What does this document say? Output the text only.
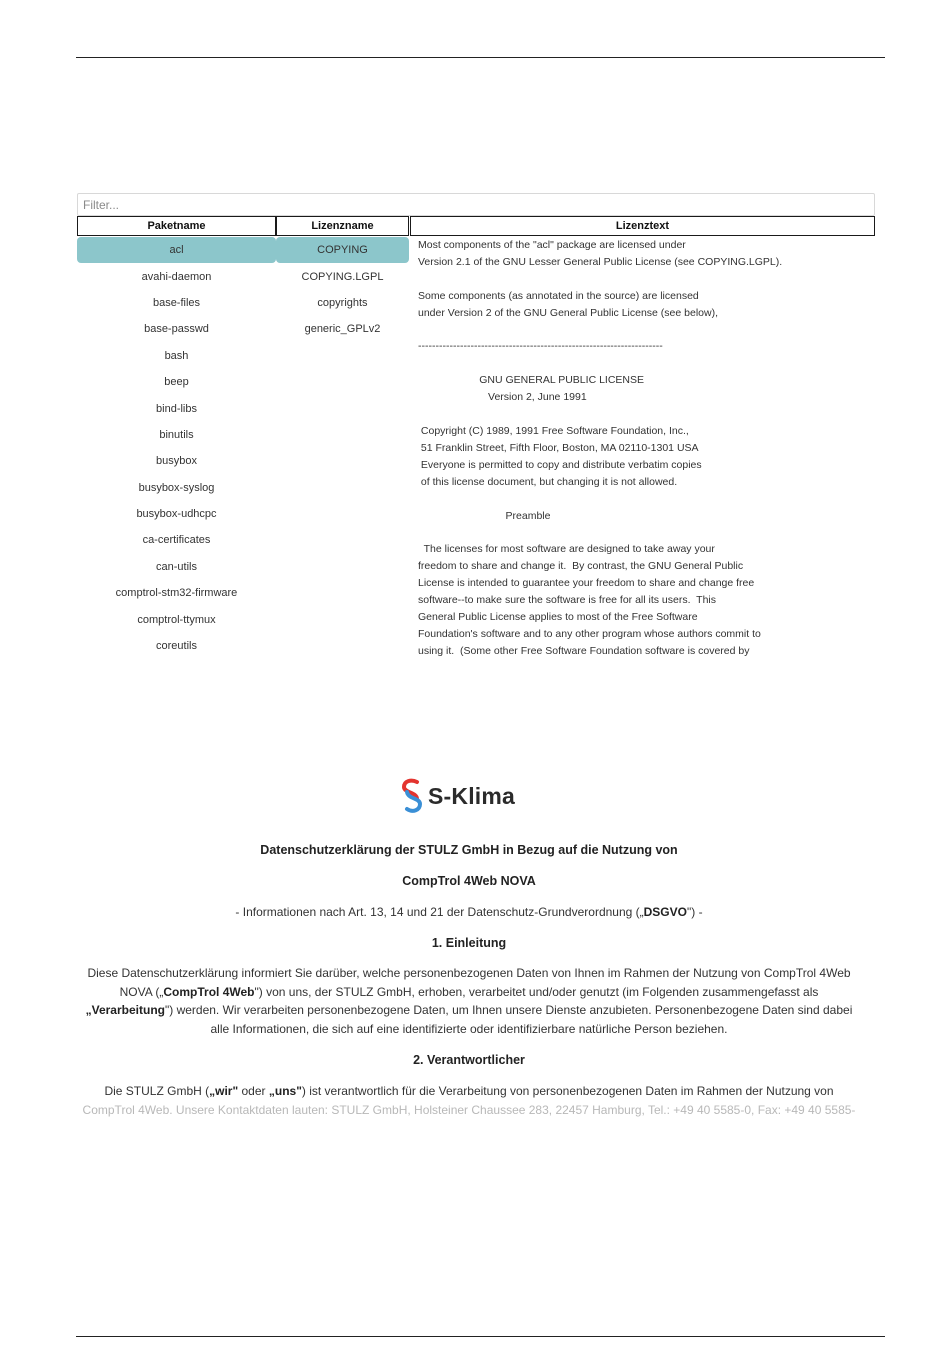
Filter...
Paketname	Lizenzname	Lizenztext
acl
avahi-daemon
base-files
base-passwd
bash
beep
bind-libs
binutils
busybox
busybox-syslog
busybox-udhcpc
ca-certificates
can-utils
comptrol-stm32-firmware
comptrol-ttymux
coreutils
COPYING
COPYING.LGPL
copyrights
generic_GPLv2
Most components of the "acl" package are licensed under
Version 2.1 of the GNU Lesser General Public License (see COPYING.LGPL).

Some components (as annotated in the source) are licensed
under Version 2 of the GNU General Public License (see below),

----------------------------------------------------------------------

GNU GENERAL PUBLIC LICENSE
Version 2, June 1991

Copyright (C) 1989, 1991 Free Software Foundation, Inc.,
51 Franklin Street, Fifth Floor, Boston, MA 02110-1301 USA
Everyone is permitted to copy and distribute verbatim copies
of this license document, but changing it is not allowed.

Preamble

The licenses for most software are designed to take away your
freedom to share and change it.  By contrast, the GNU General Public
License is intended to guarantee your freedom to share and change free
software--to make sure the software is free for all its users.  This
General Public License applies to most of the Free Software
Foundation's software and to any other program whose authors commit to
using it.  (Some other Free Software Foundation software is covered by
S-Klima
Datenschutzerklärung der STULZ GmbH in Bezug auf die Nutzung von
CompTrol 4Web NOVA
- Informationen nach Art. 13, 14 und 21 der Datenschutz-Grundverordnung („DSGVO") -
1. Einleitung
Diese Datenschutzerklärung informiert Sie darüber, welche personenbezogenen Daten von Ihnen im Rahmen der Nutzung von CompTrol 4Web NOVA („CompTrol 4Web") von uns, der STULZ GmbH, erhoben, verarbeitet und/oder genutzt (im Folgenden zusammengefasst als „Verarbeitung") werden. Wir verarbeiten personenbezogene Daten, um Ihnen unsere Dienste anzubieten. Personenbezogene Daten sind dabei alle Informationen, die sich auf eine identifizierte oder identifizierbare natürliche Person beziehen.
2. Verantwortlicher
Die STULZ GmbH („wir" oder „uns") ist verantwortlich für die Verarbeitung von personenbezogenen Daten im Rahmen der Nutzung von
CompTrol 4Web. Unsere Kontaktdaten lauten: STULZ GmbH, Holsteiner Chaussee 283, 22457 Hamburg, Tel.: +49 40 5585-0, Fax: +49 40 5585-
